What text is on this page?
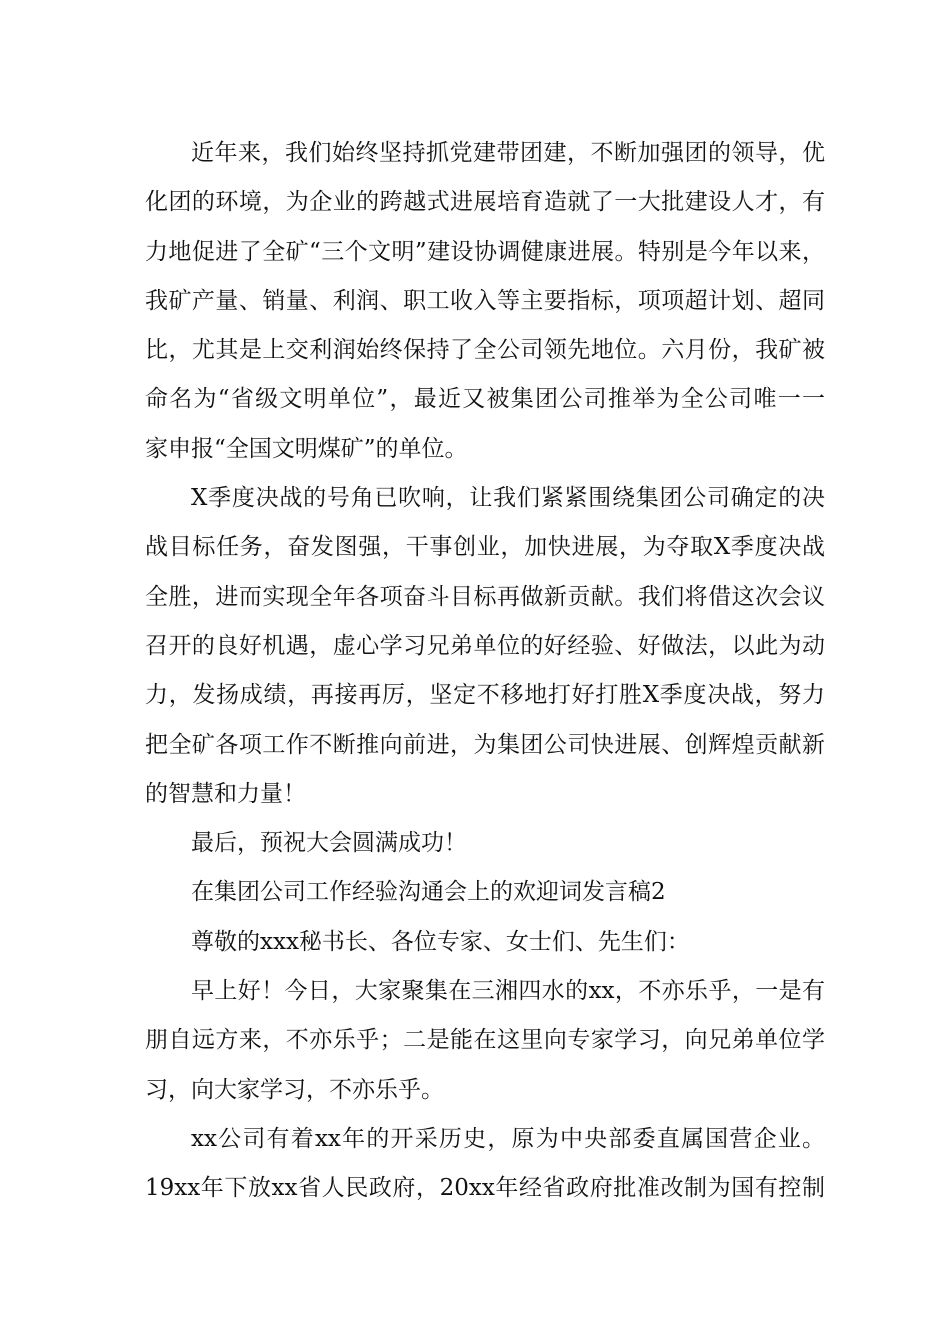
近年来，我们始终坚持抓党建带团建，不断加强团的领导，优
化团的环境，为企业的跨越式进展培育造就了一大批建设人才，有
力地促进了全矿“三个文明”建设协调健康进展。特别是今年以来，
我矿产量、销量、利润、职工收入等主要指标，项项超计划、超同
比，尤其是上交利润始终保持了全公司领先地位。六月份，我矿被
命名为“省级文明单位”，最近又被集团公司推举为全公司唯一一
家申报“全国文明煤矿”的单位。
X季度决战的号角已吹响，让我们紧紧围绕集团公司确定的决
战目标任务，奋发图强，干事创业，加快进展，为夺取X季度决战
全胜，进而实现全年各项奋斗目标再做新贡献。我们将借这次会议
召开的良好机遇，虚心学习兄弟单位的好经验、好做法，以此为动
力，发扬成绩，再接再厉，坚定不移地打好打胜X季度决战，努力
把全矿各项工作不断推向前进，为集团公司快进展、创辉煌贡献新
的智慧和力量！
最后，预祝大会圆满成功！
在集团公司工作经验沟通会上的欢迎词发言稿2
尊敬的xxx秘书长、各位专家、女士们、先生们：
早上好！今日，大家聚集在三湘四水的xx，不亦乐乎，一是有
朋自远方来，不亦乐乎；二是能在这里向专家学习，向兄弟单位学
习，向大家学习，不亦乐乎。
xx公司有着xx年的开采历史，原为中央部委直属国营企业。
19xx年下放xx省人民政府，20xx年经省政府批准改制为国有控制
